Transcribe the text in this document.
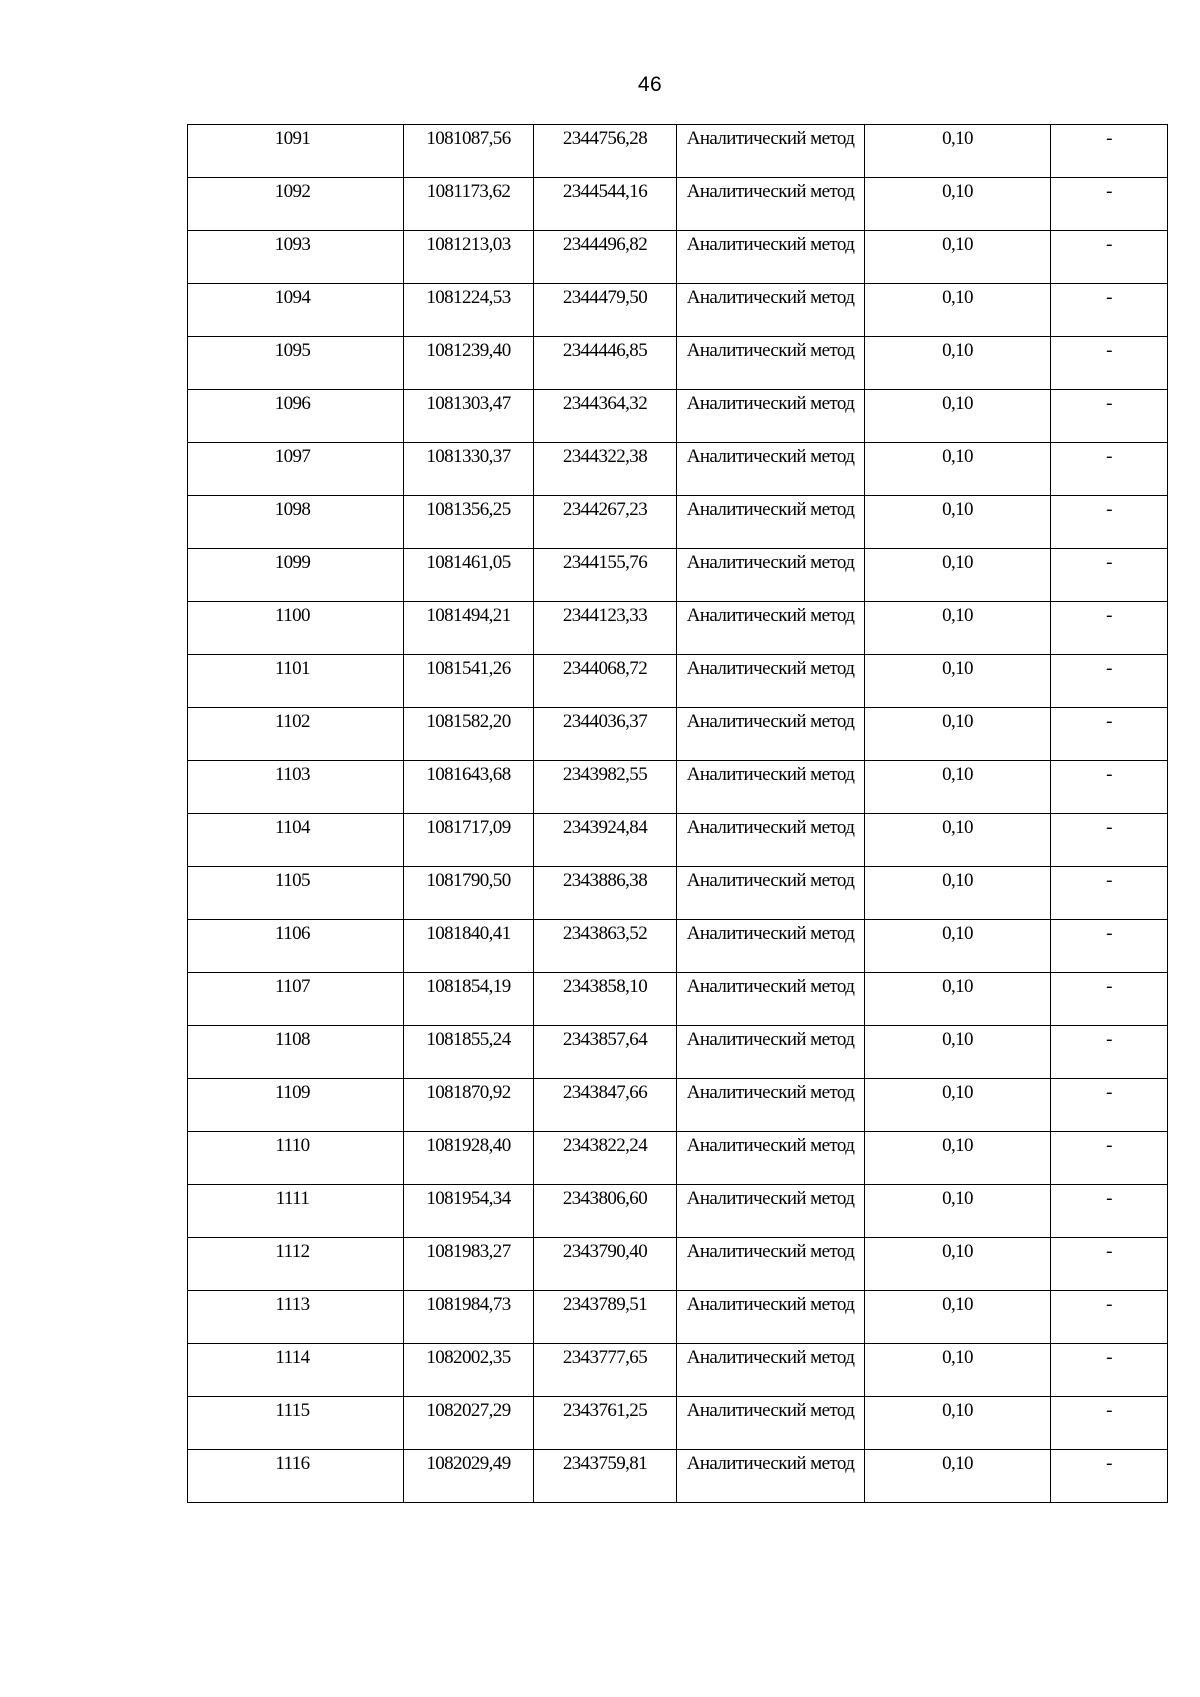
46
1091	1081087,56	2344756,28	Аналитический метод	0,10	-
1092	1081173,62	2344544,16	Аналитический метод	0,10	-
1093	1081213,03	2344496,82	Аналитический метод	0,10	-
1094	1081224,53	2344479,50	Аналитический метод	0,10	-
1095	1081239,40	2344446,85	Аналитический метод	0,10	-
1096	1081303,47	2344364,32	Аналитический метод	0,10	-
1097	1081330,37	2344322,38	Аналитический метод	0,10	-
1098	1081356,25	2344267,23	Аналитический метод	0,10	-
1099	1081461,05	2344155,76	Аналитический метод	0,10	-
1100	1081494,21	2344123,33	Аналитический метод	0,10	-
1101	1081541,26	2344068,72	Аналитический метод	0,10	-
1102	1081582,20	2344036,37	Аналитический метод	0,10	-
1103	1081643,68	2343982,55	Аналитический метод	0,10	-
1104	1081717,09	2343924,84	Аналитический метод	0,10	-
1105	1081790,50	2343886,38	Аналитический метод	0,10	-
1106	1081840,41	2343863,52	Аналитический метод	0,10	-
1107	1081854,19	2343858,10	Аналитический метод	0,10	-
1108	1081855,24	2343857,64	Аналитический метод	0,10	-
1109	1081870,92	2343847,66	Аналитический метод	0,10	-
1110	1081928,40	2343822,24	Аналитический метод	0,10	-
1111	1081954,34	2343806,60	Аналитический метод	0,10	-
1112	1081983,27	2343790,40	Аналитический метод	0,10	-
1113	1081984,73	2343789,51	Аналитический метод	0,10	-
1114	1082002,35	2343777,65	Аналитический метод	0,10	-
1115	1082027,29	2343761,25	Аналитический метод	0,10	-
1116	1082029,49	2343759,81	Аналитический метод	0,10	-
